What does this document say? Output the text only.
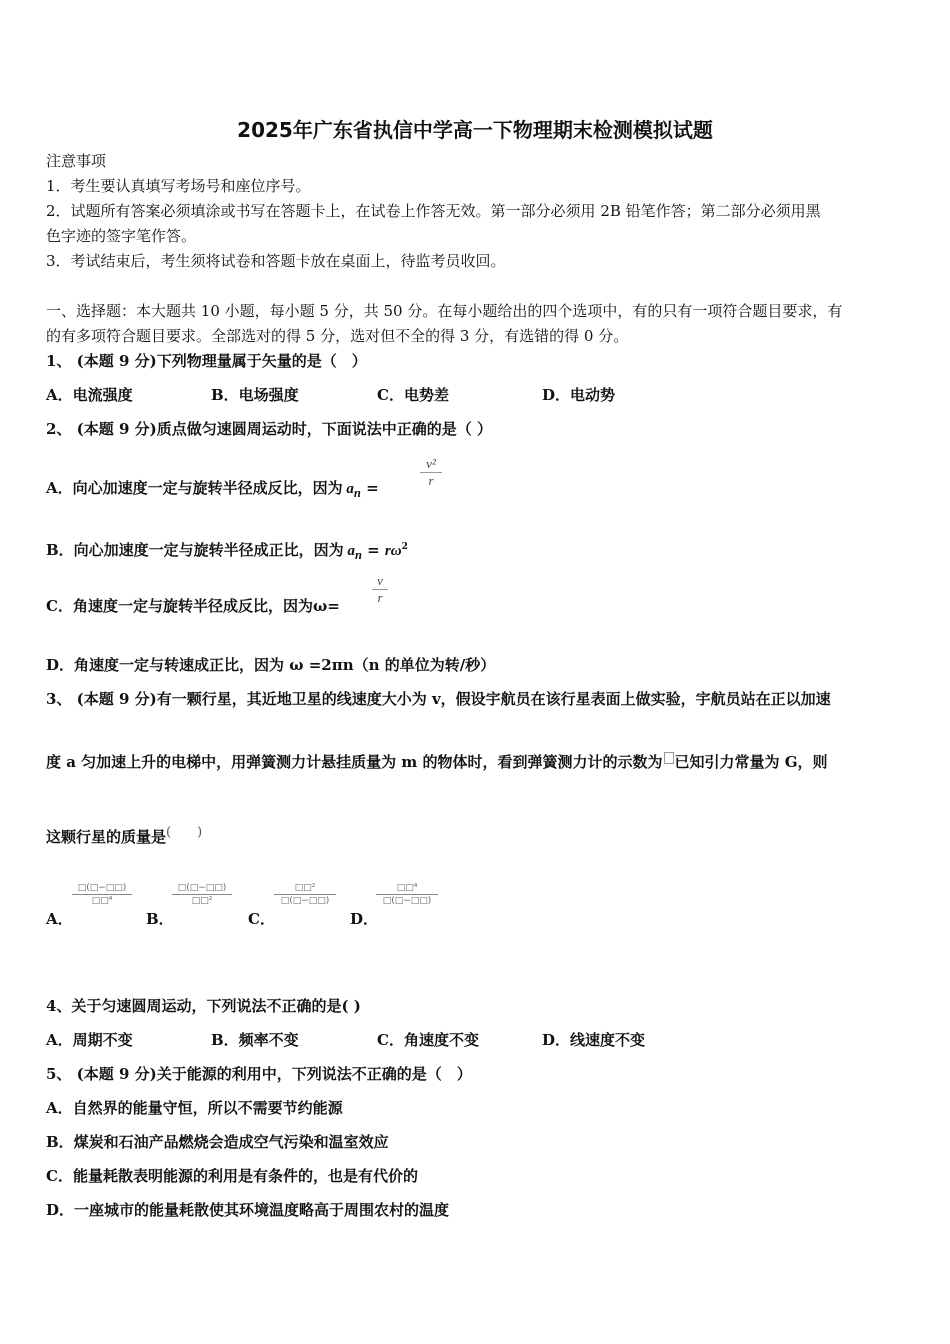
2025年广东省执信中学高一下物理期末检测模拟试题
注意事项
1．考生要认真填写考场号和座位序号。
2．试题所有答案必须填涂或书写在答题卡上，在试卷上作答无效。第一部分必须用 2B 铅笔作答；第二部分必须用黑
色字迹的签字笔作答。
3．考试结束后，考生须将试卷和答题卡放在桌面上，待监考员收回。
一、选择题：本大题共 10 小题，每小题 5 分，共 50 分。在每小题给出的四个选项中，有的只有一项符合题目要求，有
的有多项符合题目要求。全部选对的得 5 分，选对但不全的得 3 分，有选错的得 0 分。
1、 (本题 9 分)下列物理量属于矢量的是（　）
A．电流强度	B．电场强度	C．电势差	D．电动势
2、 (本题 9 分)质点做匀速圆周运动时，下面说法中正确的是（ ）
A．向心加速度一定与旋转半径成反比，因为 $a_n$ =	$\frac{\text{v²}}{r}$
B．向心加速度一定与旋转半径成正比，因为 $a_n = r\omega^2$
C．角速度一定与旋转半径成反比，因为$\omega= \frac{v}{r}$
D．角速度一定与转速成正比，因为 ω =2πn（n 的单位为转/秒）
3、 (本题 9 分)有一颗行星，其近地卫星的线速度大小为 v，假设宇航员在该行星表面上做实验，宇航员站在正以加速
度 a 匀加速上升的电梯中，用弹簧测力计悬挂质量为 m 的物体时，看到弹簧测力计的示数为 已知引力常量为 G，则
这颗行星的质量是(　　)
A．
□(□−□□)
□□⁴
B．
□(□−□□)
□□²
C．
□□²
□(□−□□)
D．
□□⁴
□(□−□□)
4、关于匀速圆周运动，下列说法不正确的是( )
A．周期不变	B．频率不变	C．角速度不变	D．线速度不变
5、 (本题 9 分)关于能源的利用中，下列说法不正确的是（　）
A．自然界的能量守恒，所以不需要节约能源
B．煤炭和石油产品燃烧会造成空气污染和温室效应
C．能量耗散表明能源的利用是有条件的，也是有代价的
D．一座城市的能量耗散使其环境温度略高于周围农村的温度
